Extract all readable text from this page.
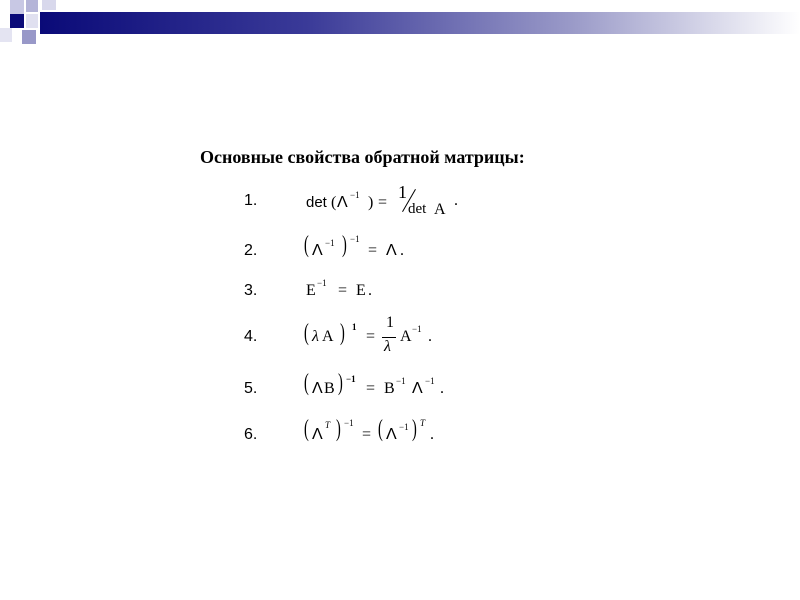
Основные свойства обратной матрицы:
1.	det ( Λ −1 ) =
1
det A
.
2. ( Λ −1 ) −1
= Λ .
3.	E −1 = E .
4. ( λ A ) 1
=
1
λ
A −1 .
5. ( Λ B ) −1
= B −1 Λ −1 .
6. ( Λ
T ) −1
= ( Λ −1 ) T
.
